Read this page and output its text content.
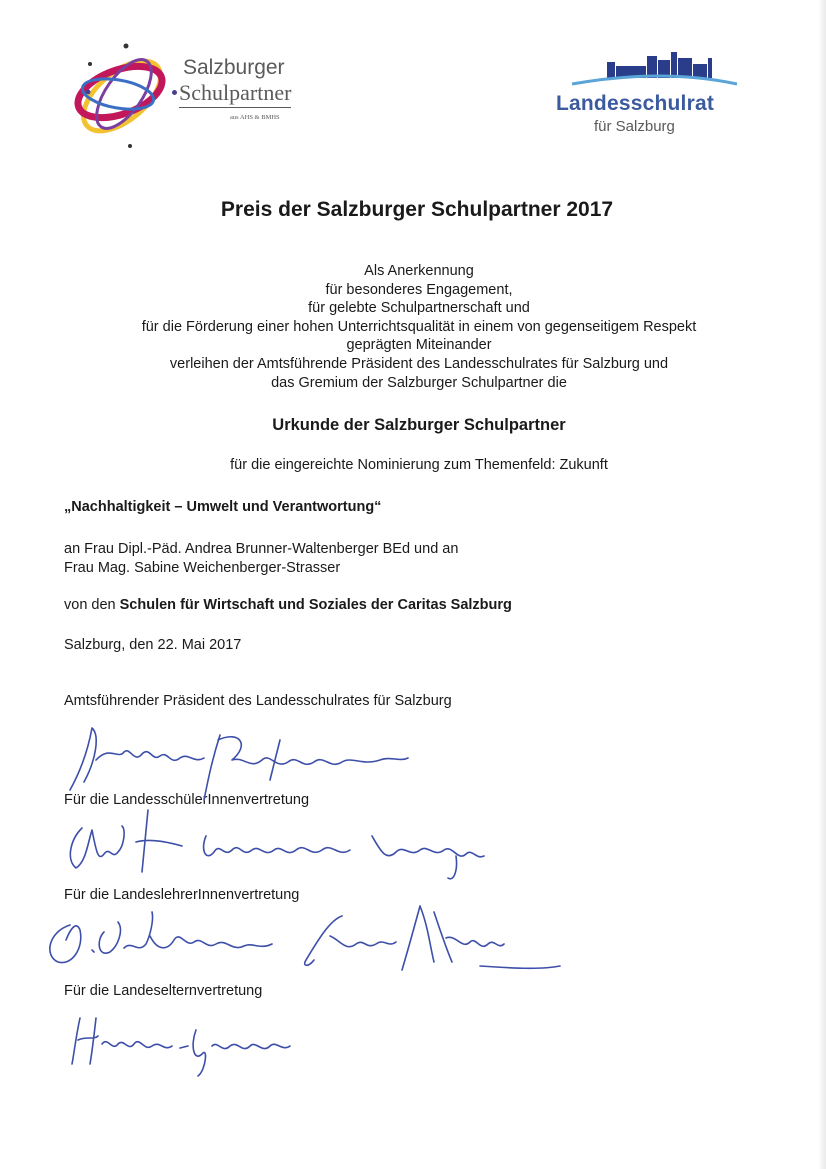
Salzburger
Schulpartner
aus AHS & BMHS
Landesschulrat
für Salzburg
Preis der Salzburger Schulpartner 2017
Als Anerkennung
für besonderes Engagement,
für gelebte Schulpartnerschaft und
für die Förderung einer hohen Unterrichtsqualität in einem von gegenseitigem Respekt
geprägten Miteinander
verleihen der Amtsführende Präsident des Landesschulrates für Salzburg und
das Gremium der Salzburger Schulpartner die
Urkunde der Salzburger Schulpartner
für die eingereichte Nominierung zum Themenfeld: Zukunft
„Nachhaltigkeit – Umwelt und Verantwortung“
an Frau Dipl.-Päd. Andrea Brunner-Waltenberger BEd und an
Frau Mag. Sabine Weichenberger-Strasser
von den Schulen für Wirtschaft und Soziales der Caritas Salzburg
Salzburg, den 22. Mai 2017
Amtsführender Präsident des Landesschulrates für Salzburg
Für die LandesschülerInnenvertretung
Für die LandeslehrerInnenvertretung
Für die Landeselternvertretung
